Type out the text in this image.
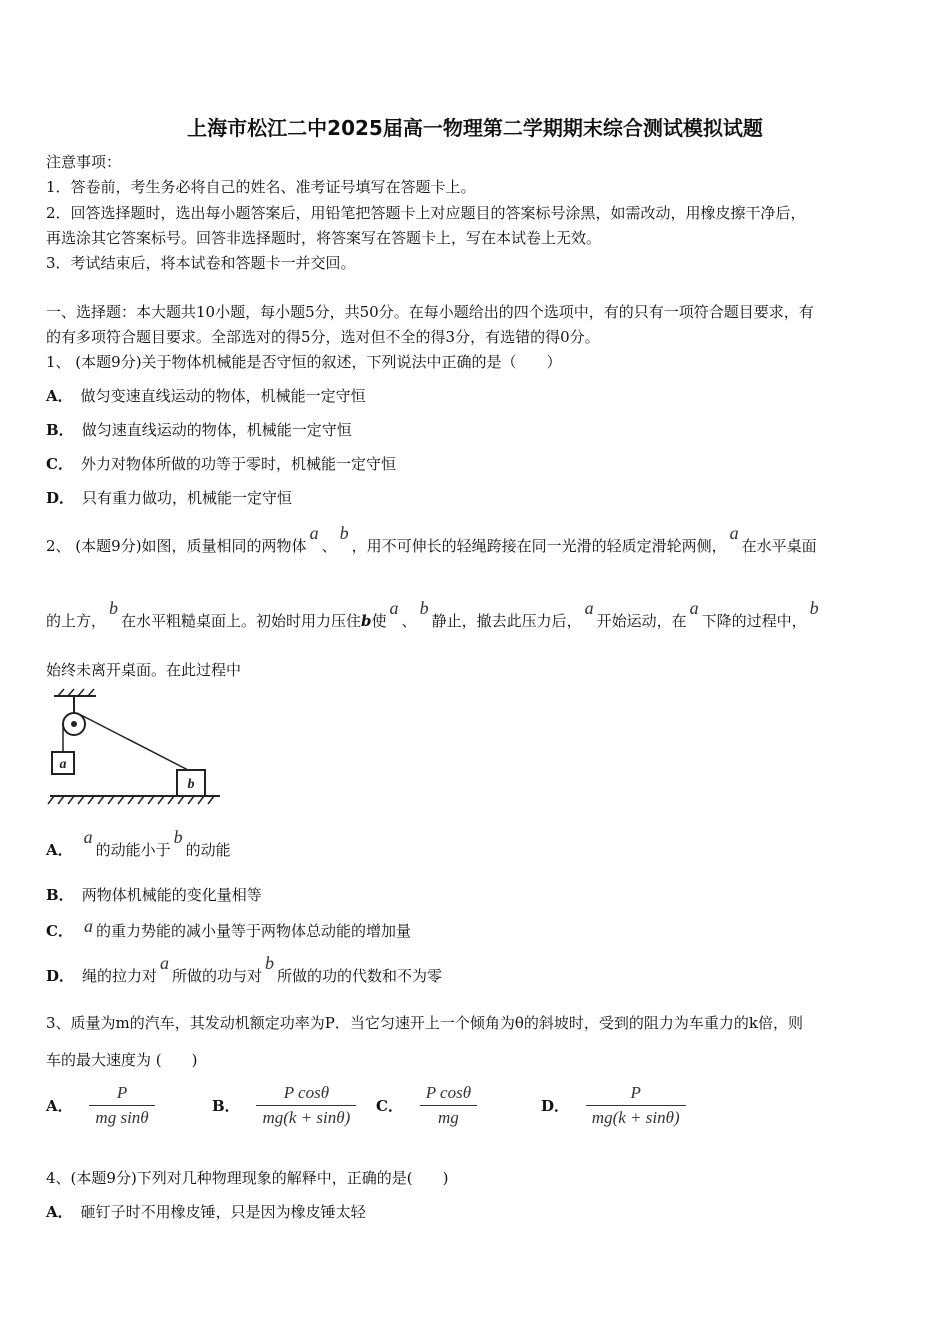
上海市松江二中2025届高一物理第二学期期末综合测试模拟试题
注意事项：
1．答卷前，考生务必将自己的姓名、准考证号填写在答题卡上。
2．回答选择题时，选出每小题答案后，用铅笔把答题卡上对应题目的答案标号涂黑，如需改动，用橡皮擦干净后，
再选涂其它答案标号。回答非选择题时，将答案写在答题卡上，写在本试卷上无效。
3．考试结束后，将本试卷和答题卡一并交回。
一、选择题：本大题共10小题，每小题5分，共50分。在每小题给出的四个选项中，有的只有一项符合题目要求，有
的有多项符合题目要求。全部选对的得5分，选对但不全的得3分，有选错的得0分。
1、 (本题9分)关于物体机械能是否守恒的叙述，下列说法中正确的是（　　）
A． 做匀变速直线运动的物体，机械能一定守恒
B． 做匀速直线运动的物体，机械能一定守恒
C． 外力对物体所做的功等于零时，机械能一定守恒
D． 只有重力做功，机械能一定守恒
2、 (本题9分)如图，质量相同的两物体a、b，用不可伸长的轻绳跨接在同一光滑的轻质定滑轮两侧，a在水平桌面
的上方，b在水平粗糙桌面上。初始时用力压住b使a、b静止，撤去此压力后，a开始运动，在a下降的过程中，b
始终未离开桌面。在此过程中
a
b
A．a的动能小于b的动能
B． 两物体机械能的变化量相等
C． a 的重力势能的减小量等于两物体总动能的增加量
D． 绳的拉力对a所做的功与对b所做的功的代数和不为零
3、质量为m的汽车，其发动机额定功率为P．当它匀速开上一个倾角为θ的斜坡时，受到的阻力为车重力的k倍，则
车的最大速度为 (　　)
A． $\frac{P}{\text{mg sinθ}}$	B． $\frac{\text{P cosθ}}{mg(k + \sin\theta)}$ C． $\frac{\text{P cosθ}}{mg}$	D． $\frac{P}{mg(k + \sin\theta)}$
4、(本题9分)下列对几种物理现象的解释中，正确的是(　　)
A． 砸钉子时不用橡皮锤，只是因为橡皮锤太轻
